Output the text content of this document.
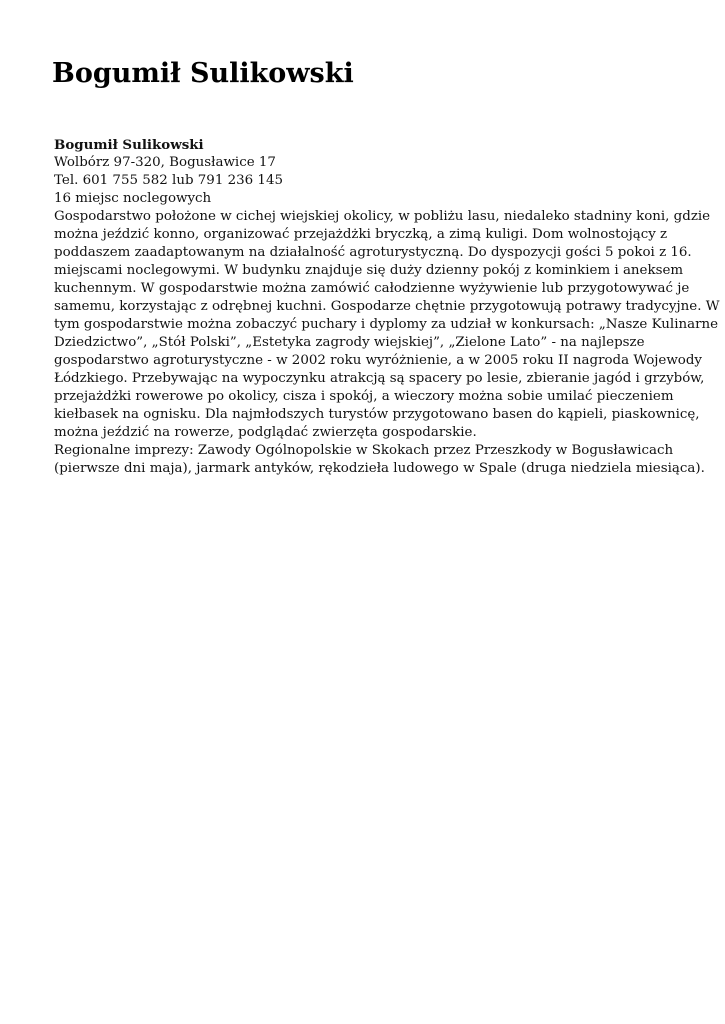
Bogumił Sulikowski
Bogumił Sulikowski
Wolbórz 97-320, Bogusławice 17
Tel. 601 755 582 lub 791 236 145
16 miejsc noclegowych
Gospodarstwo położone w cichej wiejskiej okolicy, w pobliżu lasu, niedaleko stadniny koni, gdzie
można jeździć konno, organizować przejażdżki bryczką, a zimą kuligi. Dom wolnostojący z
poddaszem zaadaptowanym na działalność agroturystyczną. Do dyspozycji gości 5 pokoi z 16.
miejscami noclegowymi. W budynku znajduje się duży dzienny pokój z kominkiem i aneksem
kuchennym. W gospodarstwie można zamówić całodzienne wyżywienie lub przygotowywać je
samemu, korzystając z odrębnej kuchni. Gospodarze chętnie przygotowują potrawy tradycyjne. W
tym gospodarstwie można zobaczyć puchary i dyplomy za udział w konkursach: „Nasze Kulinarne
Dziedzictwo”, „Stół Polski”, „Estetyka zagrody wiejskiej”, „Zielone Lato” - na najlepsze
gospodarstwo agroturystyczne - w 2002 roku wyróżnienie, a w 2005 roku II nagroda Wojewody
Łódzkiego. Przebywając na wypoczynku atrakcją są spacery po lesie, zbieranie jagód i grzybów,
przejażdżki rowerowe po okolicy, cisza i spokój, a wieczory można sobie umilać pieczeniem
kiełbasek na ognisku. Dla najmłodszych turystów przygotowano basen do kąpieli, piaskownicę,
można jeździć na rowerze, podglądać zwierzęta gospodarskie.
Regionalne imprezy: Zawody Ogólnopolskie w Skokach przez Przeszkody w Bogusławicach
(pierwsze dni maja), jarmark antyków, rękodzieła ludowego w Spale (druga niedziela miesiąca).
